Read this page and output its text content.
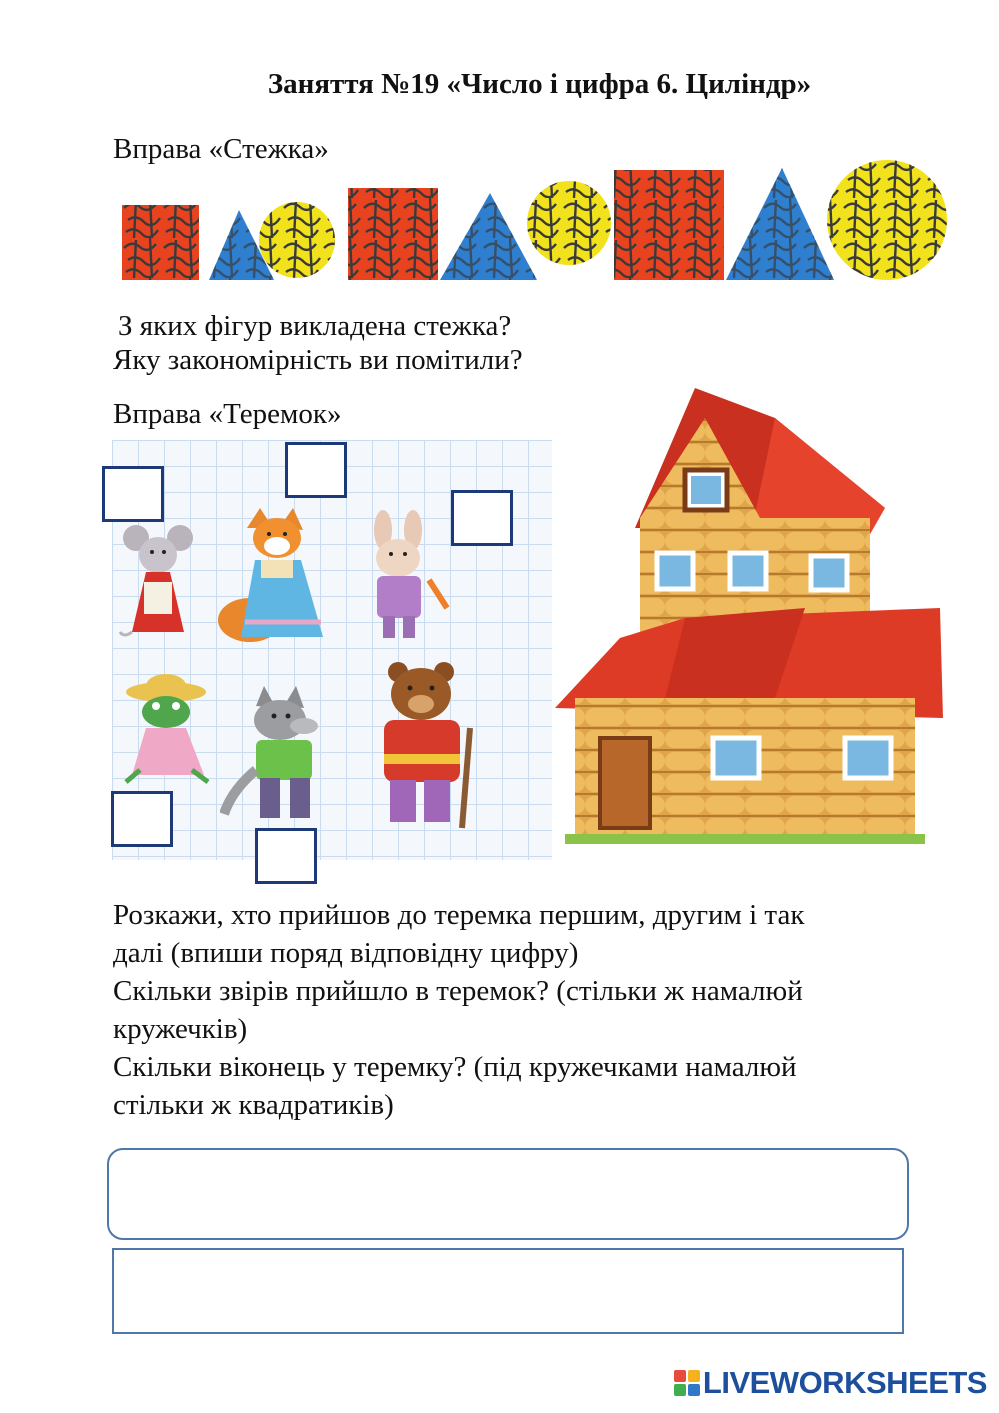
Заняття №19 «Число і цифра 6. Циліндр»
Вправа «Стежка»
З яких фігур викладена стежка?
Яку закономірність ви помітили?
Вправа «Теремок»
Розкажи, хто прийшов до теремка першим, другим і так
далі (впиши поряд відповідну цифру)
Скільки звірів прийшло в теремок? (стільки ж намалюй
кружечків)
Скільки віконець у теремку? (під кружечками намалюй
стільки ж квадратиків)
LIVEWORKSHEETS
